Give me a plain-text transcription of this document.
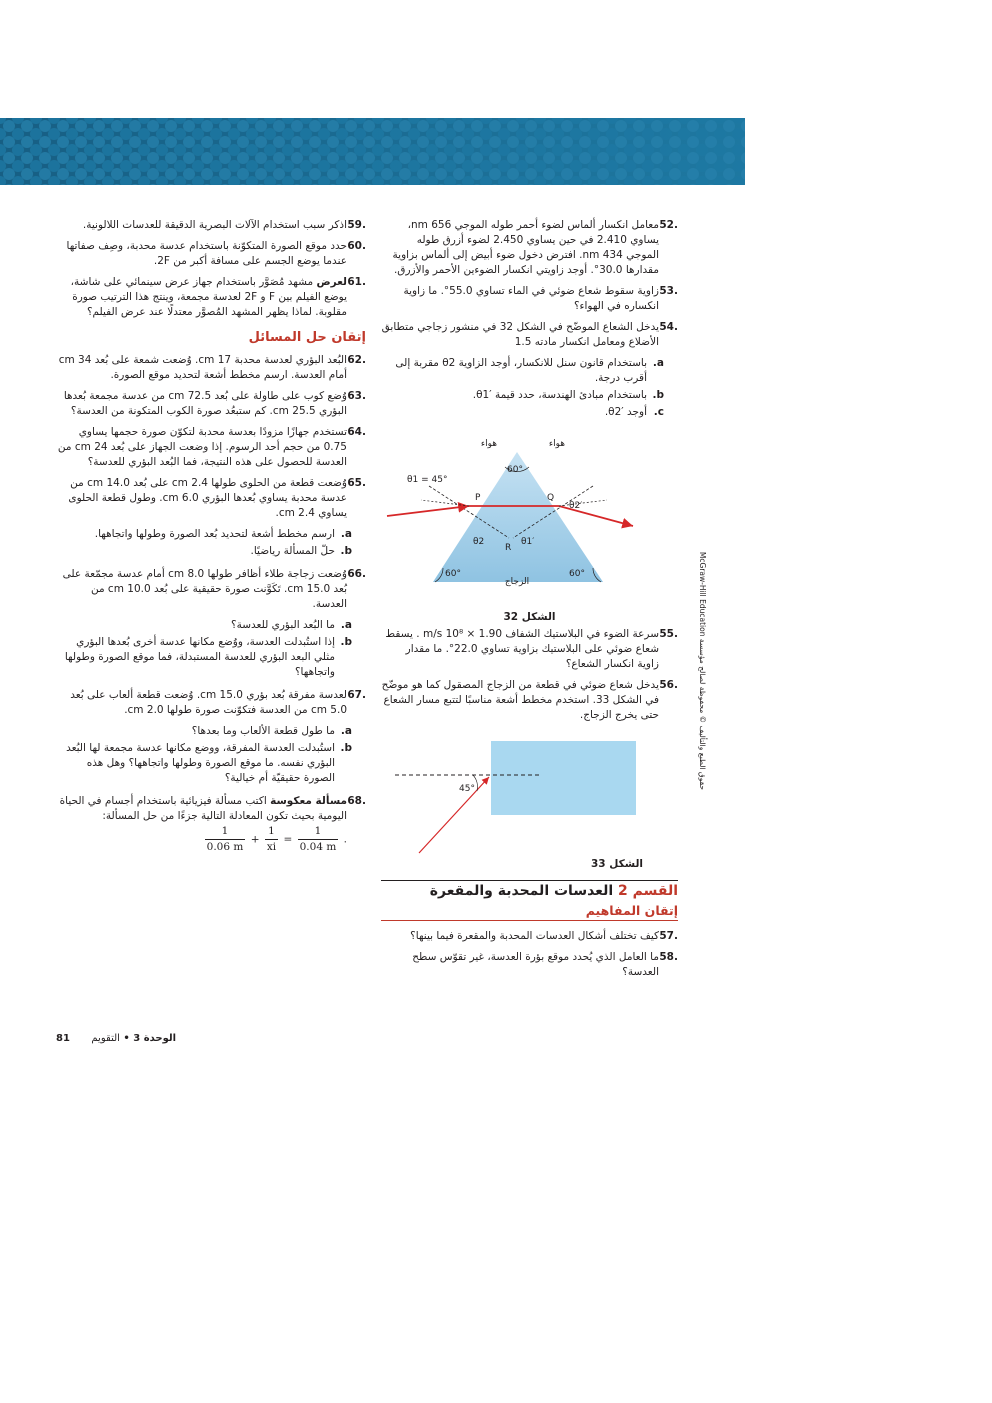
.52
معامل انكسار ألماس لضوء أحمر طوله الموجي 656 nm، يساوي 2.410 في حين يساوي 2.450 لضوء أزرق طوله الموجي 434 nm. افترض دخول ضوء أبيض إلى ألماس بزاوية مقدارها 30.0°. أوجد زاويتي انكسار الضوءين الأحمر والأزرق.
.53
زاوية سقوط شعاع ضوئي في الماء تساوي 55.0°. ما زاوية انكساره في الهواء؟
.54
يدخل الشعاع الموضّح في الشكل 32 في منشور زجاجي متطابق الأضلاع ومعامل انكسار مادته 1.5
a.
باستخدام قانون سنل للانكسار، أوجد الزاوية θ2 مقربة إلى أقرب درجة.
b.
باستخدام مبادئ الهندسة، حدد قيمة θ1′.
c.
أوجد θ2′.
هواء	هواء
60°
θ1 = 45°
P	Q
R
θ2	θ1′
θ2′
60°	60°
الزجاج
الشكل 32
.55
سرعة الضوء في البلاستيك الشفاف 1.90 × 10⁸ m/s . يسقط شعاع ضوئي على البلاستيك بزاوية تساوي 22.0°. ما مقدار زاوية انكسار الشعاع؟
.56
يدخل شعاع ضوئي في قطعة من الزجاج المصقول كما هو موضّح في الشكل 33. استخدم مخطط أشعة مناسبًا لتتبع مسار الشعاع حتى يخرج الزجاج.
45°
الشكل 33
القسم 2 العدسات المحدبة والمقعرة
إتقان المفاهيم
.57
كيف تختلف أشكال العدسات المحدبة والمقعرة فيما بينها؟
.58
ما العامل الذي يُحدد موقع بؤرة العدسة، غير تقوّس سطح العدسة؟
.59
اذكر سبب استخدام الآلات البصرية الدقيقة للعدسات اللالونية.
.60
حدد موقع الصورة المتكوّنة باستخدام عدسة محدبة، وصِف صفاتها عندما يوضع الجسم على مسافة أكبر من 2F.
.61
لعرض مشهد مُصَوَّر باستخدام جهاز عرض سينمائي على شاشة، يوضع الفيلم بين F و 2F لعدسة مجمعة، وينتج هذا الترتيب صورة مقلوبة. لماذا يظهر المشهد المُصوَّر معتدلًا عند عرض الفيلم؟
إتقان حل المسائل
.62
البُعد البؤري لعدسة محدبة 17 cm. وُضعت شمعة على بُعد 34 cm أمام العدسة. ارسم مخطط أشعة لتحديد موقع الصورة.
.63
وُضع كوب على طاولة على بُعد 72.5 cm من عدسة مجمعة بُعدها البؤري 25.5 cm. كم ستبعُد صورة الكوب المتكونة من العدسة؟
.64
تستخدم جهازًا مزودًا بعدسة محدبة لتكوّن صورة حجمها يساوي 0.75 من حجم أحد الرسوم. إذا وضعت الجهاز على بُعد 24 cm من العدسة للحصول على هذه النتيجة، فما البُعد البؤري للعدسة؟
.65
وُضعت قطعة من الحلوى طولها 2.4 cm على بُعد 14.0 cm من عدسة محدبة يساوي بُعدها البؤري 6.0 cm. وطول قطعة الحلوى يساوي 2.4 cm.
a.
ارسم مخطط أشعة لتحديد بُعد الصورة وطولها واتجاهها.
b.
حلّ المسألة رياضيًا.
.66
وُضعت زجاجة طلاء أظافر طولها 8.0 cm أمام عدسة مجمّعة على بُعد 15.0 cm. تَكَوَّنت صورة حقيقية على بُعد 10.0 cm من العدسة.
a.
ما البُعد البؤري للعدسة؟
b.
إذا استُبدلت العدسة، ووُضع مكانها عدسة أخرى بُعدها البؤري مثلي البعد البؤري للعدسة المستبدلة، فما موقع الصورة وطولها واتجاهها؟
.67
لعدسة مفرقة بُعد بؤري 15.0 cm. وُضعت قطعة ألعاب على بُعد 5.0 cm من العدسة فتكوّنت صورة طولها 2.0 cm.
a.
ما طول قطعة الألعاب وما بعدها؟
b.
استُبدلت العدسة المفرقة، ووضع مكانها عدسة مجمعة لها البُعد البؤري نفسه. ما موقع الصورة وطولها واتجاهها؟ وهل هذه الصورة حقيقيّة أم خيالية؟
.68
مسألة معكوسة اكتب مسألة فيزيائية باستخدام أجسام في الحياة اليومية بحيث تكون المعادلة التالية جزءًا من حل المسألة:
$\frac{1}{0.06 m} + \frac{1}{xi} = \frac{1}{0.04 m}$ .
الوحدة 3 • التقويم 81
حقوق الطبع والتأليف © محفوظة لصالح مؤسسة McGraw-Hill Education
